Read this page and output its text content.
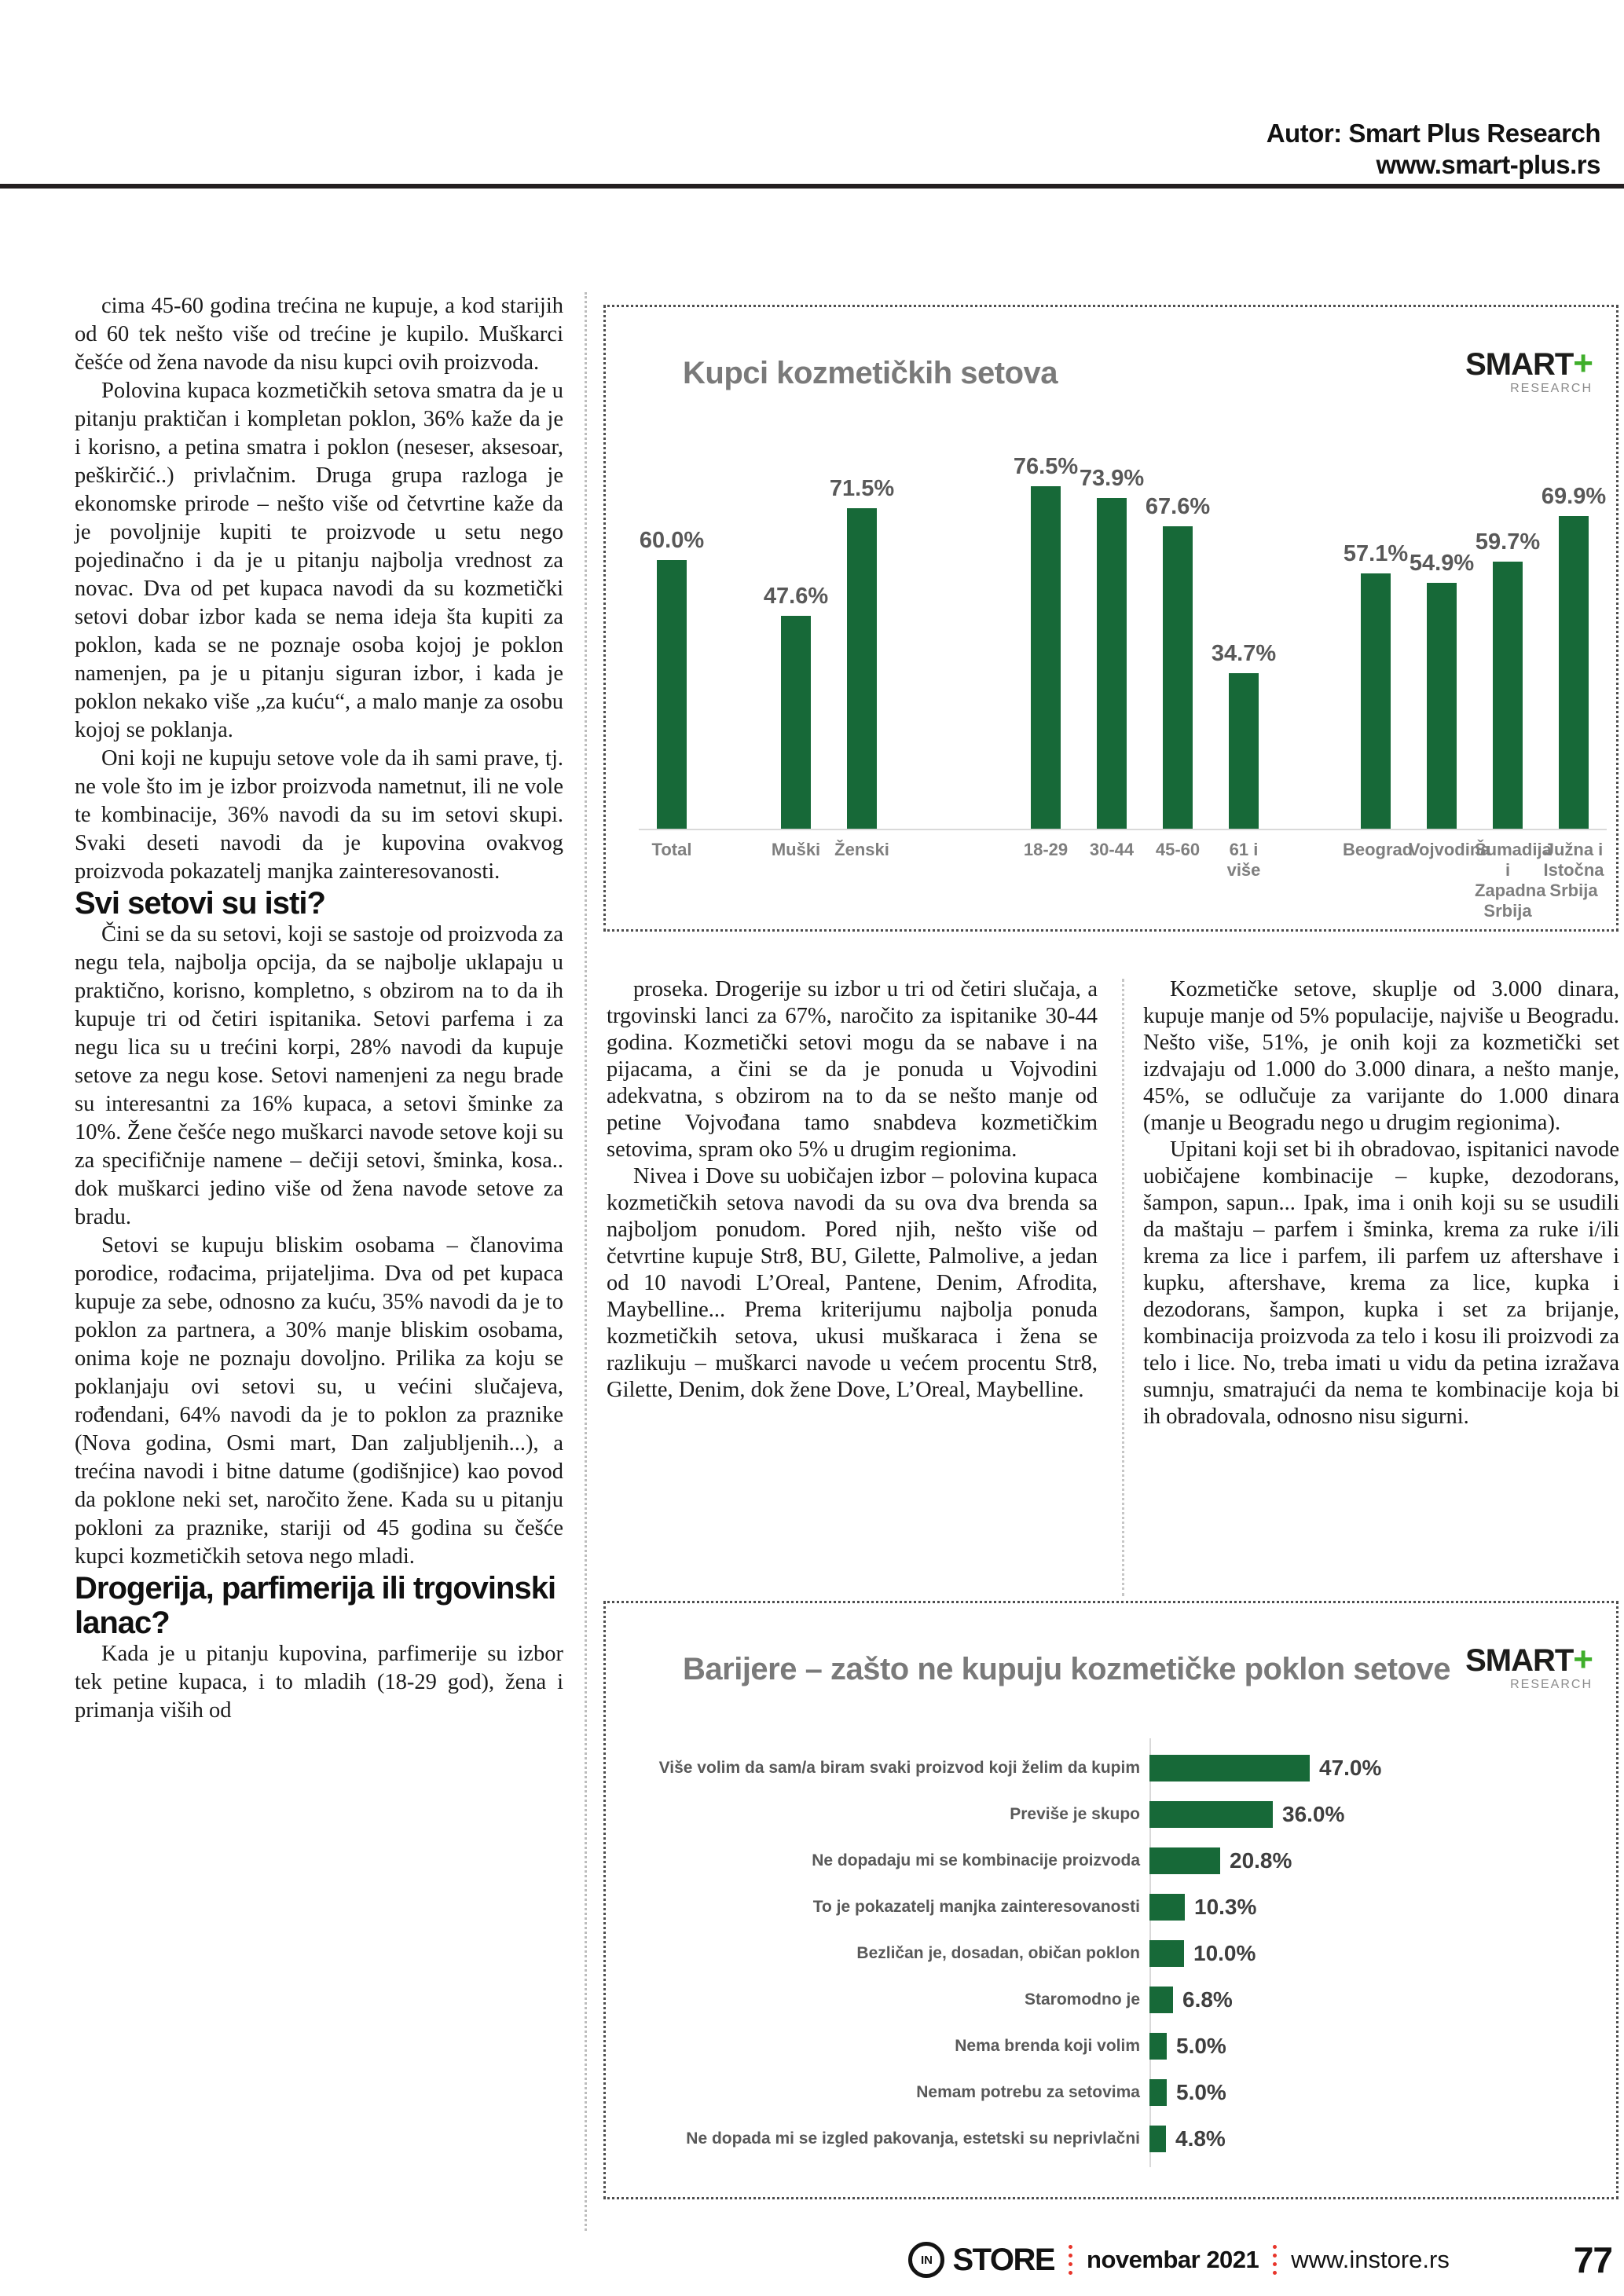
Autor: Smart Plus Research
www.smart-plus.rs

cima 45-60 godina trećina ne kupuje, a kod starijih od 60 tek nešto više od trećine je kupilo. Muškarci češće od žena navode da nisu kupci ovih proizvoda.

Polovina kupaca kozmetičkih setova smatra da je u pitanju praktičan i kompletan poklon, 36% kaže da je i korisno, a petina smatra i poklon (neseser, aksesoar, peškirčić..) privlačnim. Druga grupa razloga je ekonomske prirode – nešto više od četvrtine kaže da je povoljnije kupiti te proizvode u setu nego pojedinačno i da je u pitanju najbolja vrednost za novac. Dva od pet kupaca navodi da su kozmetički setovi dobar izbor kada se nema ideja šta kupiti za poklon, kada se ne poznaje osoba kojoj je poklon namenjen, pa je u pitanju siguran izbor, i kada je poklon nekako više „za kuću“, a malo manje za osobu kojoj se poklanja.

Oni koji ne kupuju setove vole da ih sami prave, tj. ne vole što im je izbor proizvoda nametnut, ili ne vole te kombinacije, 36% navodi da su im setovi skupi. Svaki deseti navodi da je kupovina ovakvog proizvoda pokazatelj manjka zainteresovanosti.

Svi setovi su isti?

Čini se da su setovi, koji se sastoje od proizvoda za negu tela, najbolja opcija, da se najbolje uklapaju u praktično, korisno, kompletno, s obzirom na to da ih kupuje tri od četiri ispitanika. Setovi parfema i za negu lica su u trećini korpi, 28% navodi da kupuje setove za negu kose. Setovi namenjeni za negu brade su interesantni za 16% kupaca, a setovi šminke za 10%. Žene češće nego muškarci navode setove koji su za specifičnije namene – dečiji setovi, šminka, kosa.. dok muškarci jedino više od žena navode setove za bradu.

Setovi se kupuju bliskim osobama – članovima porodice, rođacima, prijateljima. Dva od pet kupaca kupuje za sebe, odnosno za kuću, 35% navodi da je to poklon za partnera, a 30% manje bliskim osobama, onima koje ne poznaju dovoljno. Prilika za koju se poklanjaju ovi setovi su, u većini slučajeva, rođendani, 64% navodi da je to poklon za praznike (Nova godina, Osmi mart, Dan zaljubljenih...), a trećina navodi i bitne datume (godišnjice) kao povod da poklone neki set, naročito žene. Kada su u pitanju pokloni za praznike, stariji od 45 godina su češće kupci kozmetičkih setova nego mladi.

Drogerija, parfimerija ili trgovinski lanac?

Kada je u pitanju kupovina, parfimerije su izbor tek petine kupaca, i to mladih (18-29 god), žena i primanja viših od

proseka. Drogerije su izbor u tri od četiri slučaja, a trgovinski lanci za 67%, naročito za ispitanike 30-44 godina. Kozmetički setovi mogu da se nabave i na pijacama, a čini se da je ponuda u Vojvodini adekvatna, s obzirom na to da se nešto manje od petine Vojvođana tamo snabdeva kozmetičkim setovima, spram oko 5% u drugim regionima.

Nivea i Dove su uobičajen izbor – polovina kupaca kozmetičkih setova navodi da su ova dva brenda sa najboljom ponudom. Pored njih, nešto više od četvrtine kupuje Str8, BU, Gilette, Palmolive, a jedan od 10 navodi L’Oreal, Pantene, Denim, Afrodita, Maybelline... Prema kriterijumu najbolja ponuda kozmetičkih setova, ukusi muškaraca i žena se razlikuju – muškarci navode u većem procentu Str8, Gilette, Denim, dok žene Dove, L’Oreal, Maybelline.

Kozmetičke setove, skuplje od 3.000 dinara, kupuje manje od 5% populacije, najviše u Beogradu. Nešto više, 51%, je onih koji za kozmetički set izdvajaju od 1.000 do 3.000 dinara, a nešto manje, 45%, se odlučuje za varijante do 1.000 dinara (manje u Beogradu nego u drugim regionima).

Upitani koji set bi ih obradovao, ispitanici navode uobičajene kombinacije – kupke, dezodorans, šampon, sapun... Ipak, ima i onih koji su se usudili da maštaju – parfem i šminka, krema za ruke i/ili krema za lice i parfem, ili parfem uz aftershave i kupku, aftershave, krema za lice, kupka i dezodorans, šampon, kupka i set za brijanje, kombinacija proizvoda za telo i kosu ili proizvodi za telo i lice. No, treba imati u vidu da petina izražava sumnju, smatrajući da nema te kombinacije koja bi ih obradovala, odnosno nisu sigurni.

Kupci kozmetičkih setova	SMART+
RESEARCH
60.0%
47.6%
71.5%
76.5% 73.9%
67.6%
34.7%
57.1% 54.9%
59.7%
69.9%
Total	Muški Ženski	18-29	30-44	45-60	61 i više
Beograd
Vojvodina
Šumadija i Zapadna Srbija
Južna i Istočna Srbija
Barijere – zašto ne kupuju kozmetičke poklon setove SMART+
RESEARCH
Više volim da sam/a biram svaki proizvod koji želim da kupim	47.0%
Previše je skupo	36.0%
Ne dopadaju mi se kombinacije proizvoda	20.8%
To je pokazatelj manjka zainteresovanosti	10.3%
Bezličan je, dosadan, običan poklon	10.0%
Staromodno je	6.8%
Nema brenda koji volim	5.0%
Nemam potrebu za setovima	5.0%
Ne dopada mi se izgled pakovanja, estetski su neprivlačni	4.8%
IN STORE novembar 2021 www.instore.rs	77
